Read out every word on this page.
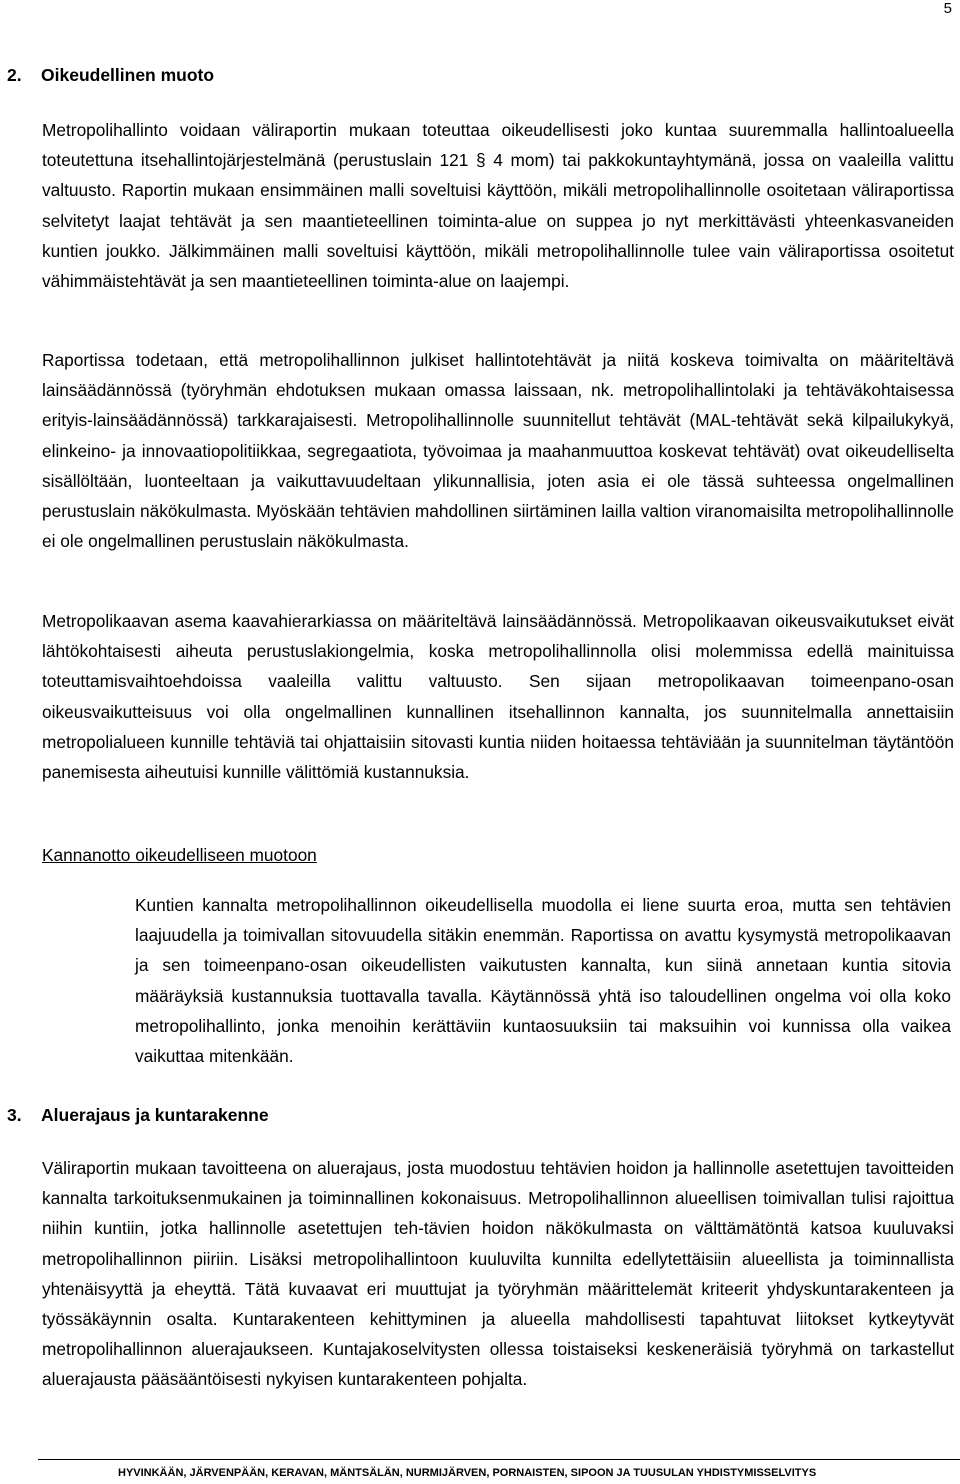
5
2. Oikeudellinen muoto

Metropolihallinto voidaan väliraportin mukaan toteuttaa oikeudellisesti joko kuntaa suuremmalla hallintoalueella toteutettuna itsehallintojärjestelmänä (perustuslain 121 § 4 mom) tai pakkokuntayhtymänä, jossa on vaaleilla valittu valtuusto. Raportin mukaan ensimmäinen malli soveltuisi käyttöön, mikäli metropolihallinnolle osoitetaan väliraportissa selvitetyt laajat tehtävät ja sen maantieteellinen toiminta-alue on suppea jo nyt merkittävästi yhteenkasvaneiden kuntien joukko. Jälkimmäinen malli soveltuisi käyttöön, mikäli metropolihallinnolle tulee vain väliraportissa osoitetut vähimmäistehtävät ja sen maantieteellinen toiminta-alue on laajempi.

Raportissa todetaan, että metropolihallinnon julkiset hallintotehtävät ja niitä koskeva toimivalta on määriteltävä lainsäädännössä (työryhmän ehdotuksen mukaan omassa laissaan, nk. metropolihallintolaki ja tehtäväkohtaisessa erityis-lainsäädännössä) tarkkarajaisesti. Metropolihallinnolle suunnitellut tehtävät (MAL-tehtävät sekä kilpailukykyä, elinkeino- ja innovaatiopolitiikkaa, segregaatiota, työvoimaa ja maahanmuuttoa koskevat tehtävät) ovat oikeudelliselta sisällöltään, luonteeltaan ja vaikuttavuudeltaan ylikunnallisia, joten asia ei ole tässä suhteessa ongelmallinen perustuslain näkökulmasta. Myöskään tehtävien mahdollinen siirtäminen lailla valtion viranomaisilta metropolihallinnolle ei ole ongelmallinen perustuslain näkökulmasta.

Metropolikaavan asema kaavahierarkiassa on määriteltävä lainsäädännössä. Metropolikaavan oikeusvaikutukset eivät lähtökohtaisesti aiheuta perustuslakiongelmia, koska metropolihallinnolla olisi molemmissa edellä mainituissa toteuttamisvaihtoehdoissa vaaleilla valittu valtuusto. Sen sijaan metropolikaavan toimeenpano-osan oikeusvaikutteisuus voi olla ongelmallinen kunnallinen itsehallinnon kannalta, jos suunnitelmalla annettaisiin metropolialueen kunnille tehtäviä tai ohjattaisiin sitovasti kuntia niiden hoitaessa tehtäviään ja suunnitelman täytäntöön panemisesta aiheutuisi kunnille välittömiä kustannuksia.

Kannanotto oikeudelliseen muotoon

Kuntien kannalta metropolihallinnon oikeudellisella muodolla ei liene suurta eroa, mutta sen tehtävien laajuudella ja toimivallan sitovuudella sitäkin enemmän. Raportissa on avattu kysymystä metropolikaavan ja sen toimeenpano-osan oikeudellisten vaikutusten kannalta, kun siinä annetaan kuntia sitovia määräyksiä kustannuksia tuottavalla tavalla. Käytännössä yhtä iso taloudellinen ongelma voi olla koko metropolihallinto, jonka menoihin kerättäviin kuntaosuuksiin tai maksuihin voi kunnissa olla vaikea vaikuttaa mitenkään.

3. Aluerajaus ja kuntarakenne

Väliraportin mukaan tavoitteena on aluerajaus, josta muodostuu tehtävien hoidon ja hallinnolle asetettujen tavoitteiden kannalta tarkoituksenmukainen ja toiminnallinen kokonaisuus. Metropolihallinnon alueellisen toimivallan tulisi rajoittua niihin kuntiin, jotka hallinnolle asetettujen teh-tävien hoidon näkökulmasta on välttämätöntä katsoa kuuluvaksi metropolihallinnon piiriin. Lisäksi metropolihallintoon kuuluvilta kunnilta edellytettäisiin alueellista ja toiminnallista yhtenäisyyttä ja eheyttä. Tätä kuvaavat eri muuttujat ja työryhmän määrittelemät kriteerit yhdyskuntarakenteen ja työssäkäynnin osalta. Kuntarakenteen kehittyminen ja alueella mahdollisesti tapahtuvat liitokset kytkeytyvät metropolihallinnon aluerajaukseen. Kuntajakoselvitysten ollessa toistaiseksi keskeneräisiä työryhmä on tarkastellut aluerajausta pääsääntöisesti nykyisen kuntarakenteen pohjalta.

HYVINKÄÄN, JÄRVENPÄÄN, KERAVAN, MÄNTSÄLÄN, NURMIJÄRVEN, PORNAISTEN, SIPOON JA TUUSULAN YHDISTYMISSELVITYS
